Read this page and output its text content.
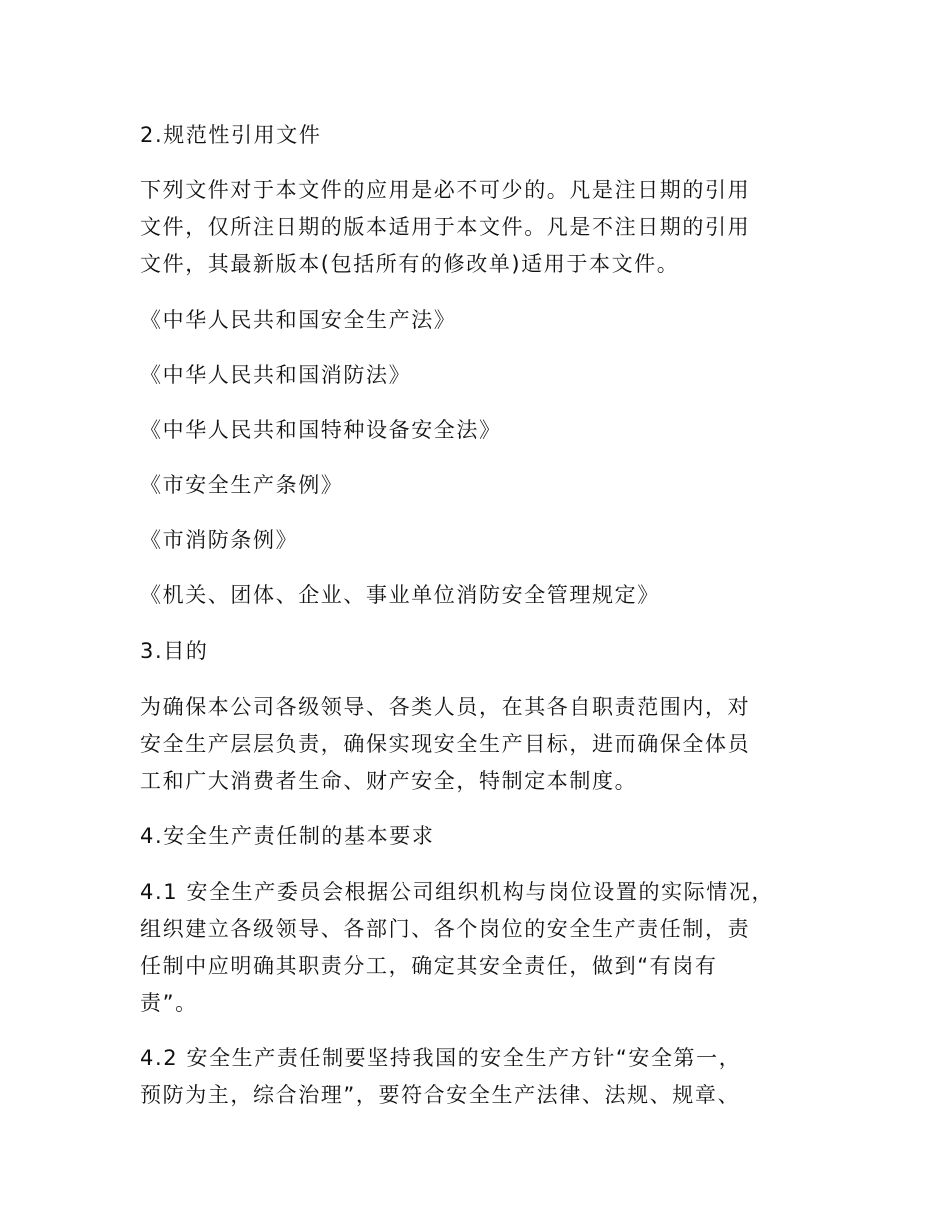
2.规范性引用文件
下列文件对于本文件的应用是必不可少的。凡是注日期的引用
文件，仅所注日期的版本适用于本文件。凡是不注日期的引用
文件，其最新版本(包括所有的修改单)适用于本文件。
《中华人民共和国安全生产法》
《中华人民共和国消防法》
《中华人民共和国特种设备安全法》
《市安全生产条例》
《市消防条例》
《机关、团体、企业、事业单位消防安全管理规定》
3.目的
为确保本公司各级领导、各类人员，在其各自职责范围内，对
安全生产层层负责，确保实现安全生产目标，进而确保全体员
工和广大消费者生命、财产安全，特制定本制度。
4.安全生产责任制的基本要求
4.1 安全生产委员会根据公司组织机构与岗位设置的实际情况，
组织建立各级领导、各部门、各个岗位的安全生产责任制，责
任制中应明确其职责分工，确定其安全责任，做到“有岗有
责”。
4.2 安全生产责任制要坚持我国的安全生产方针“安全第一，
预防为主，综合治理”，要符合安全生产法律、法规、规章、
